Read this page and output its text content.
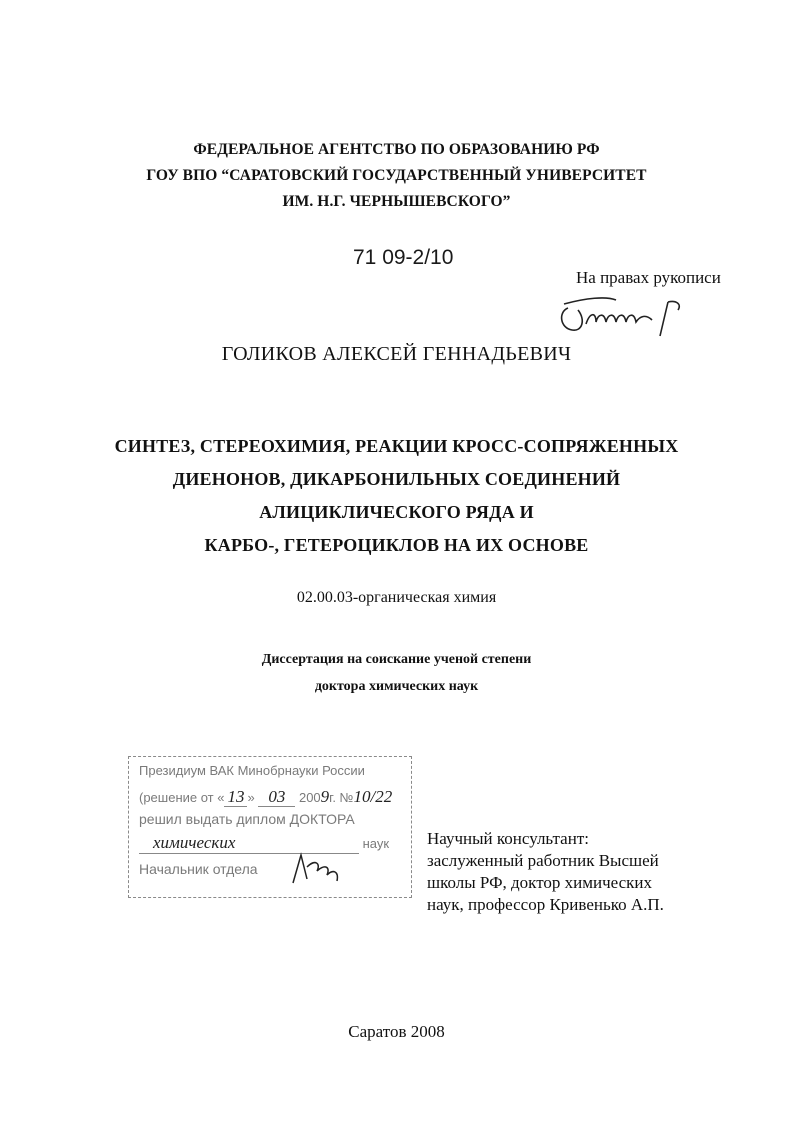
ФЕДЕРАЛЬНОЕ АГЕНТСТВО ПО ОБРАЗОВАНИЮ РФ
ГОУ ВПО “САРАТОВСКИЙ ГОСУДАРСТВЕННЫЙ УНИВЕРСИТЕТ
ИМ. Н.Г. ЧЕРНЫШЕВСКОГО”
71 09-2/10
На правах рукописи
ГОЛИКОВ АЛЕКСЕЙ ГЕННАДЬЕВИЧ
СИНТЕЗ, СТЕРЕОХИМИЯ, РЕАКЦИИ КРОСС-СОПРЯЖЕННЫХ
ДИЕНОНОВ, ДИКАРБОНИЛЬНЫХ СОЕДИНЕНИЙ
АЛИЦИКЛИЧЕСКОГО РЯДА И
КАРБО-, ГЕТЕРОЦИКЛОВ НА ИХ ОСНОВЕ
02.00.03-органическая химия
Диссертация на соискание ученой степени
доктора химических наук
Президиум ВАК Минобрнауки России
(решение от « 13 » 03 2009г. №10/22
решил выдать диплом ДОКТОРА
химических	наук
Начальник отдела
Научный консультант:
заслуженный работник Высшей
школы РФ, доктор химических
наук, профессор Кривенько А.П.
Саратов 2008
